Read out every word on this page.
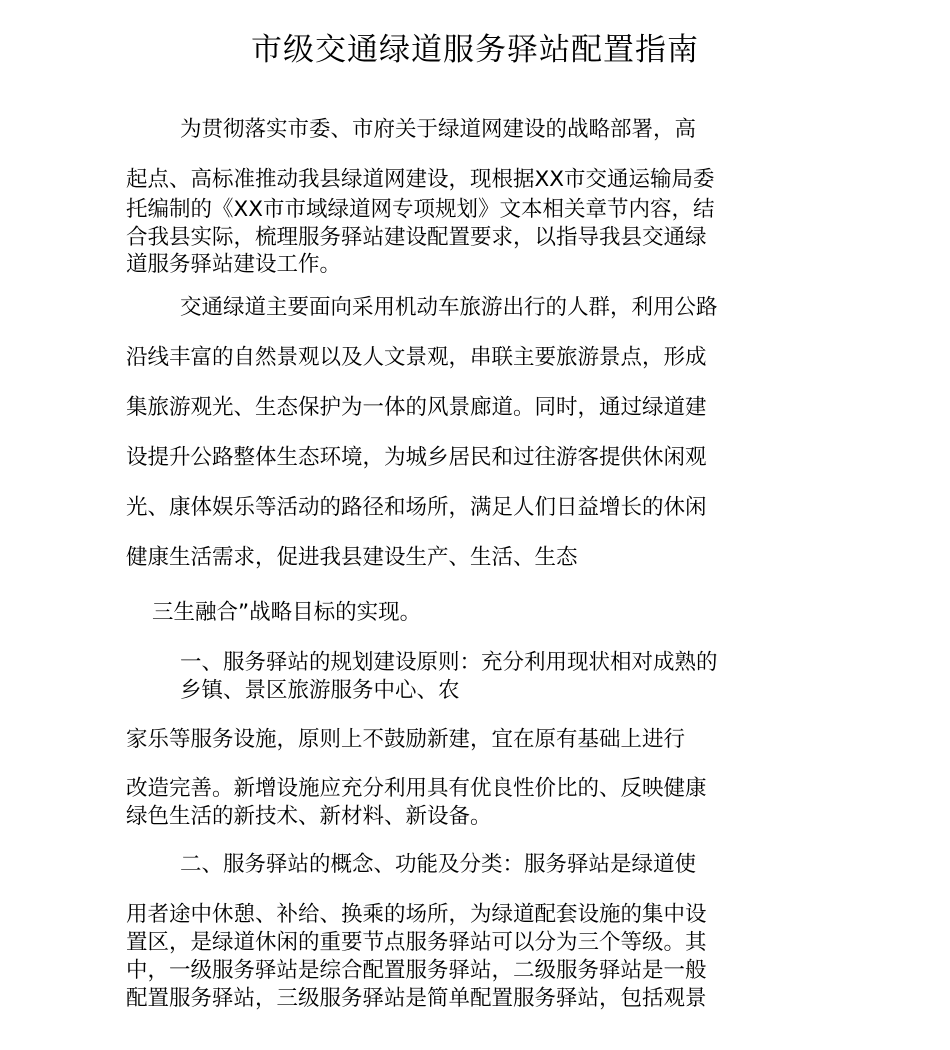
市级交通绿道服务驿站配置指南

为贯彻落实市委、市府关于绿道网建设的战略部署，高

起点、高标准推动我县绿道网建设，现根据XX市交通运输局委

托编制的《XX市市域绿道网专项规划》文本相关章节内容，结

合我县实际，梳理服务驿站建设配置要求，以指导我县交通绿

道服务驿站建设工作。

交通绿道主要面向采用机动车旅游出行的人群，利用公路

沿线丰富的自然景观以及人文景观，串联主要旅游景点，形成

集旅游观光、生态保护为一体的风景廊道。同时，通过绿道建

设提升公路整体生态环境，为城乡居民和过往游客提供休闲观

光、康体娱乐等活动的路径和场所，满足人们日益增长的休闲

健康生活需求，促进我县建设生产、生活、生态

三生融合”战略目标的实现。

一、服务驿站的规划建设原则：充分利用现状相对成熟的

乡镇、景区旅游服务中心、农

家乐等服务设施，原则上不鼓励新建，宜在原有基础上进行

改造完善。新增设施应充分利用具有优良性价比的、反映健康

绿色生活的新技术、新材料、新设备。

二、服务驿站的概念、功能及分类：服务驿站是绿道使

用者途中休憩、补给、换乘的场所，为绿道配套设施的集中设

置区，是绿道休闲的重要节点服务驿站可以分为三个等级。其

中，一级服务驿站是综合配置服务驿站，二级服务驿站是一般

配置服务驿站，三级服务驿站是简单配置服务驿站，包括观景
